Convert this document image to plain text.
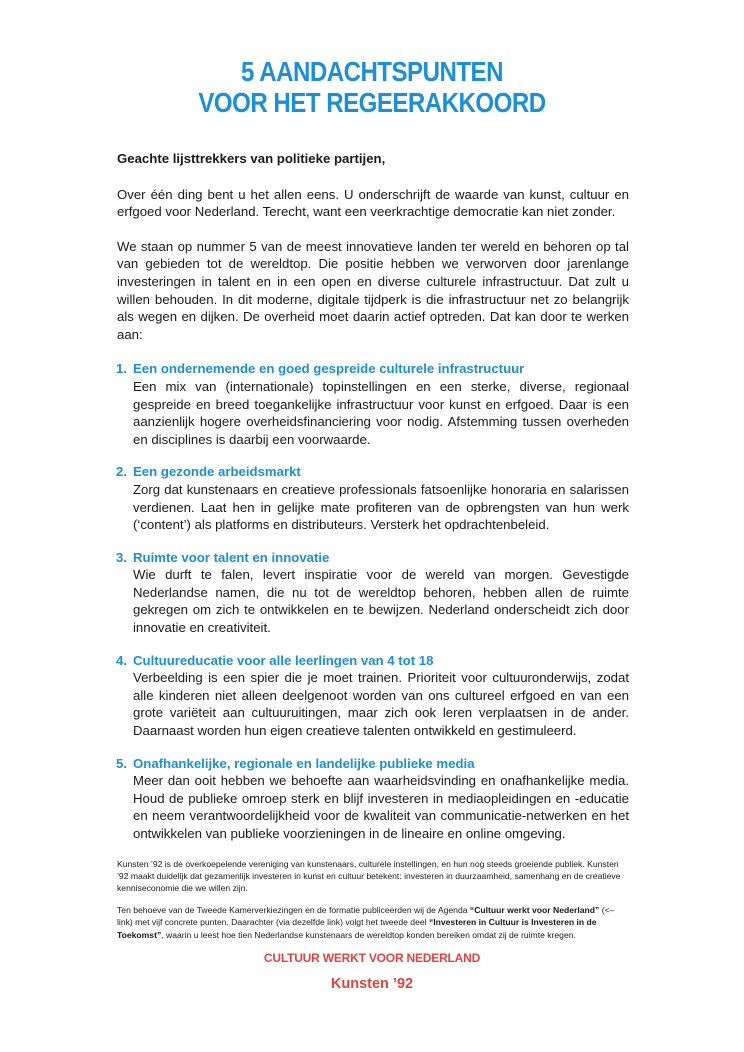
5 AANDACHTSPUNTEN
VOOR HET REGEERAKKOORD

Geachte lijsttrekkers van politieke partijen,

Over één ding bent u het allen eens. U onderschrijft de waarde van kunst, cultuur en erfgoed voor Nederland. Terecht, want een veerkrachtige democratie kan niet zonder.

We staan op nummer 5 van de meest innovatieve landen ter wereld en behoren op tal van gebieden tot de wereldtop. Die positie hebben we verworven door jarenlange investeringen in talent en in een open en diverse culturele infrastructuur. Dat zult u willen behouden. In dit moderne, digitale tijdperk is die infrastructuur net zo belangrijk als wegen en dijken. De overheid moet daarin actief optreden. Dat kan door te werken aan:

1. Een ondernemende en goed gespreide culturele infrastructuur
Een mix van (internationale) topinstellingen en een sterke, diverse, regionaal gespreide en breed toegankelijke infrastructuur voor kunst en erfgoed. Daar is een aanzienlijk hogere overheidsfinanciering voor nodig. Afstemming tussen overheden en disciplines is daarbij een voorwaarde.
2. Een gezonde arbeidsmarkt
Zorg dat kunstenaars en creatieve professionals fatsoenlijke honoraria en salarissen verdienen. Laat hen in gelijke mate profiteren van de opbrengsten van hun werk (‘content’) als platforms en distributeurs. Versterk het opdrachtenbeleid.
3. Ruimte voor talent en innovatie
Wie durft te falen, levert inspiratie voor de wereld van morgen. Gevestigde Nederlandse namen, die nu tot de wereldtop behoren, hebben allen de ruimte gekregen om zich te ontwikkelen en te bewijzen. Nederland onderscheidt zich door innovatie en creativiteit.
4. Cultuureducatie voor alle leerlingen van 4 tot 18
Verbeelding is een spier die je moet trainen. Prioriteit voor cultuuronderwijs, zodat alle kinderen niet alleen deelgenoot worden van ons cultureel erfgoed en van een grote variëteit aan cultuuruitingen, maar zich ook leren verplaatsen in de ander. Daarnaast worden hun eigen creatieve talenten ontwikkeld en gestimuleerd.
5. Onafhankelijke, regionale en landelijke publieke media
Meer dan ooit hebben we behoefte aan waarheidsvinding en onafhankelijke media. Houd de publieke omroep sterk en blijf investeren in mediaopleidingen en -educatie en neem verantwoordelijkheid voor de kwaliteit van communicatie-netwerken en het ontwikkelen van publieke voorzieningen in de lineaire en online omgeving.

Kunsten ’92 is de overkoepelende vereniging van kunstenaars, culturele instellingen, en hun nog steeds groeiende publiek. Kunsten ’92 maakt duidelijk dat gezamenlijk investeren in kunst en cultuur betekent: investeren in duurzaamheid, samenhang en de creatieve kenniseconomie die we willen zijn.

Ten behoeve van de Tweede Kamerverkiezingen en de formatie publiceerden wij de Agenda “Cultuur werkt voor Nederland” (<– link) met vijf concrete punten. Daarachter (via dezelfde link) volgt het tweede deel “Investeren in Cultuur is Investeren in de Toekomst”, waarin u leest hoe tien Nederlandse kunstenaars de wereldtop konden bereiken omdat zij de ruimte kregen.

CULTUUR WERKT VOOR NEDERLAND
Kunsten ’92
